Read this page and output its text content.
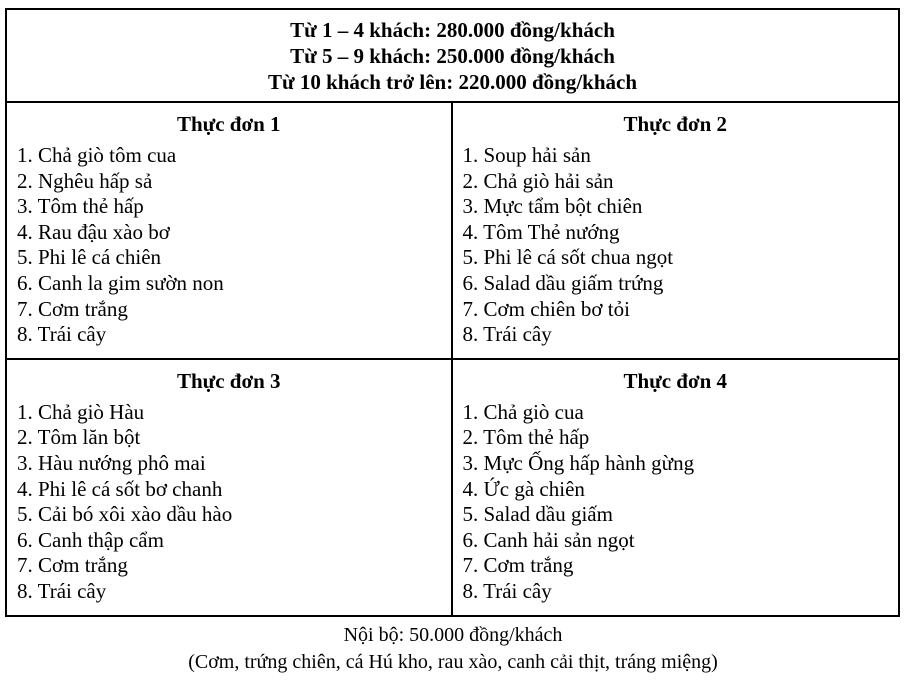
Từ 1 – 4 khách: 280.000 đồng/khách
Từ 5 – 9 khách: 250.000 đồng/khách
Từ 10 khách trở lên: 220.000 đồng/khách
Thực đơn 1
1. Chả giò tôm cua
2. Nghêu hấp sả
3. Tôm thẻ hấp
4. Rau đậu xào bơ
5. Phi lê cá chiên
6. Canh la gim sườn non
7. Cơm trắng
8. Trái cây
Thực đơn 2
1. Soup hải sản
2. Chả giò hải sản
3. Mực tẩm bột chiên
4. Tôm Thẻ nướng
5. Phi lê cá sốt chua ngọt
6. Salad dầu giấm trứng
7. Cơm chiên bơ tỏi
8. Trái cây
Thực đơn 3
1. Chả giò Hàu
2. Tôm lăn bột
3. Hàu nướng phô mai
4. Phi lê cá sốt bơ chanh
5. Cải bó xôi xào dầu hào
6. Canh thập cẩm
7. Cơm trắng
8. Trái cây
Thực đơn 4
1. Chả giò cua
2. Tôm thẻ hấp
3. Mực Ống hấp hành gừng
4. Ức gà chiên
5. Salad dầu giấm
6. Canh hải sản ngọt
7. Cơm trắng
8. Trái cây
Nội bộ: 50.000 đồng/khách
(Cơm, trứng chiên, cá Hú kho, rau xào, canh cải thịt, tráng miệng)
